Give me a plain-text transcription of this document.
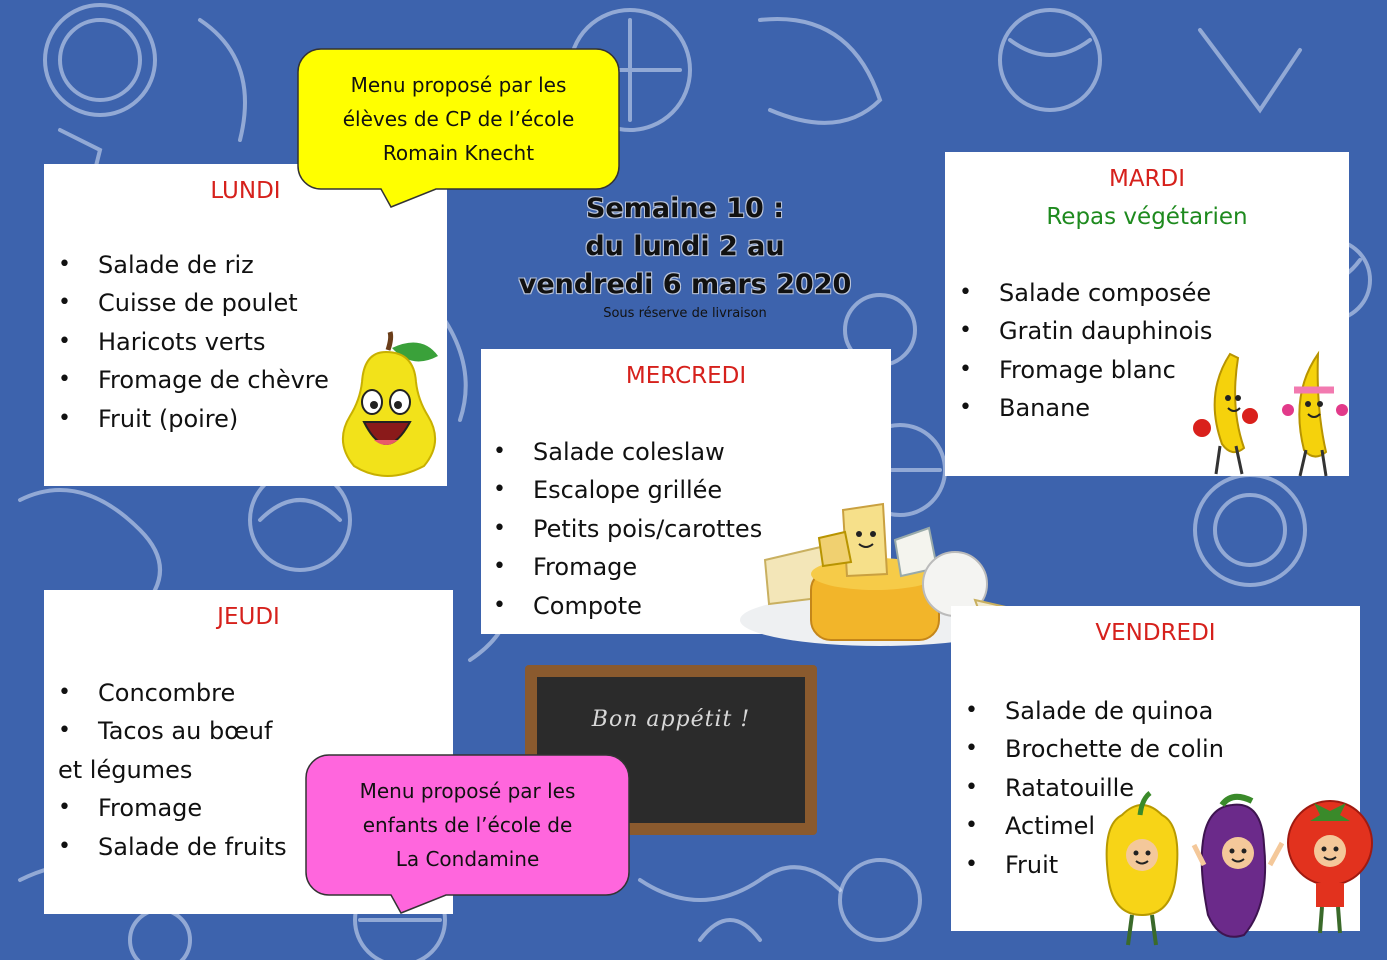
LUNDI
• Salade de riz
• Cuisse de poulet
• Haricots verts
• Fromage de chèvre
• Fruit (poire)
MARDI
Repas végétarien
• Salade composée
• Gratin dauphinois
• Fromage blanc
• Banane
MERCREDI
• Salade coleslaw
• Escalope grillée
• Petits pois/carottes
• Fromage
• Compote
JEUDI
• Concombre
• Tacos au bœuf
et légumes
• Fromage
• Salade de fruits
VENDREDI
• Salade de quinoa
• Brochette de colin
• Ratatouille
• Actimel
• Fruit
Semaine 10 :
du lundi 2 au
vendredi 6 mars 2020
Sous réserve de livraison
Bon appétit !
Menu proposé par les
élèves de CP de l’école
Romain Knecht
Menu proposé par les
enfants de l’école de
La Condamine
